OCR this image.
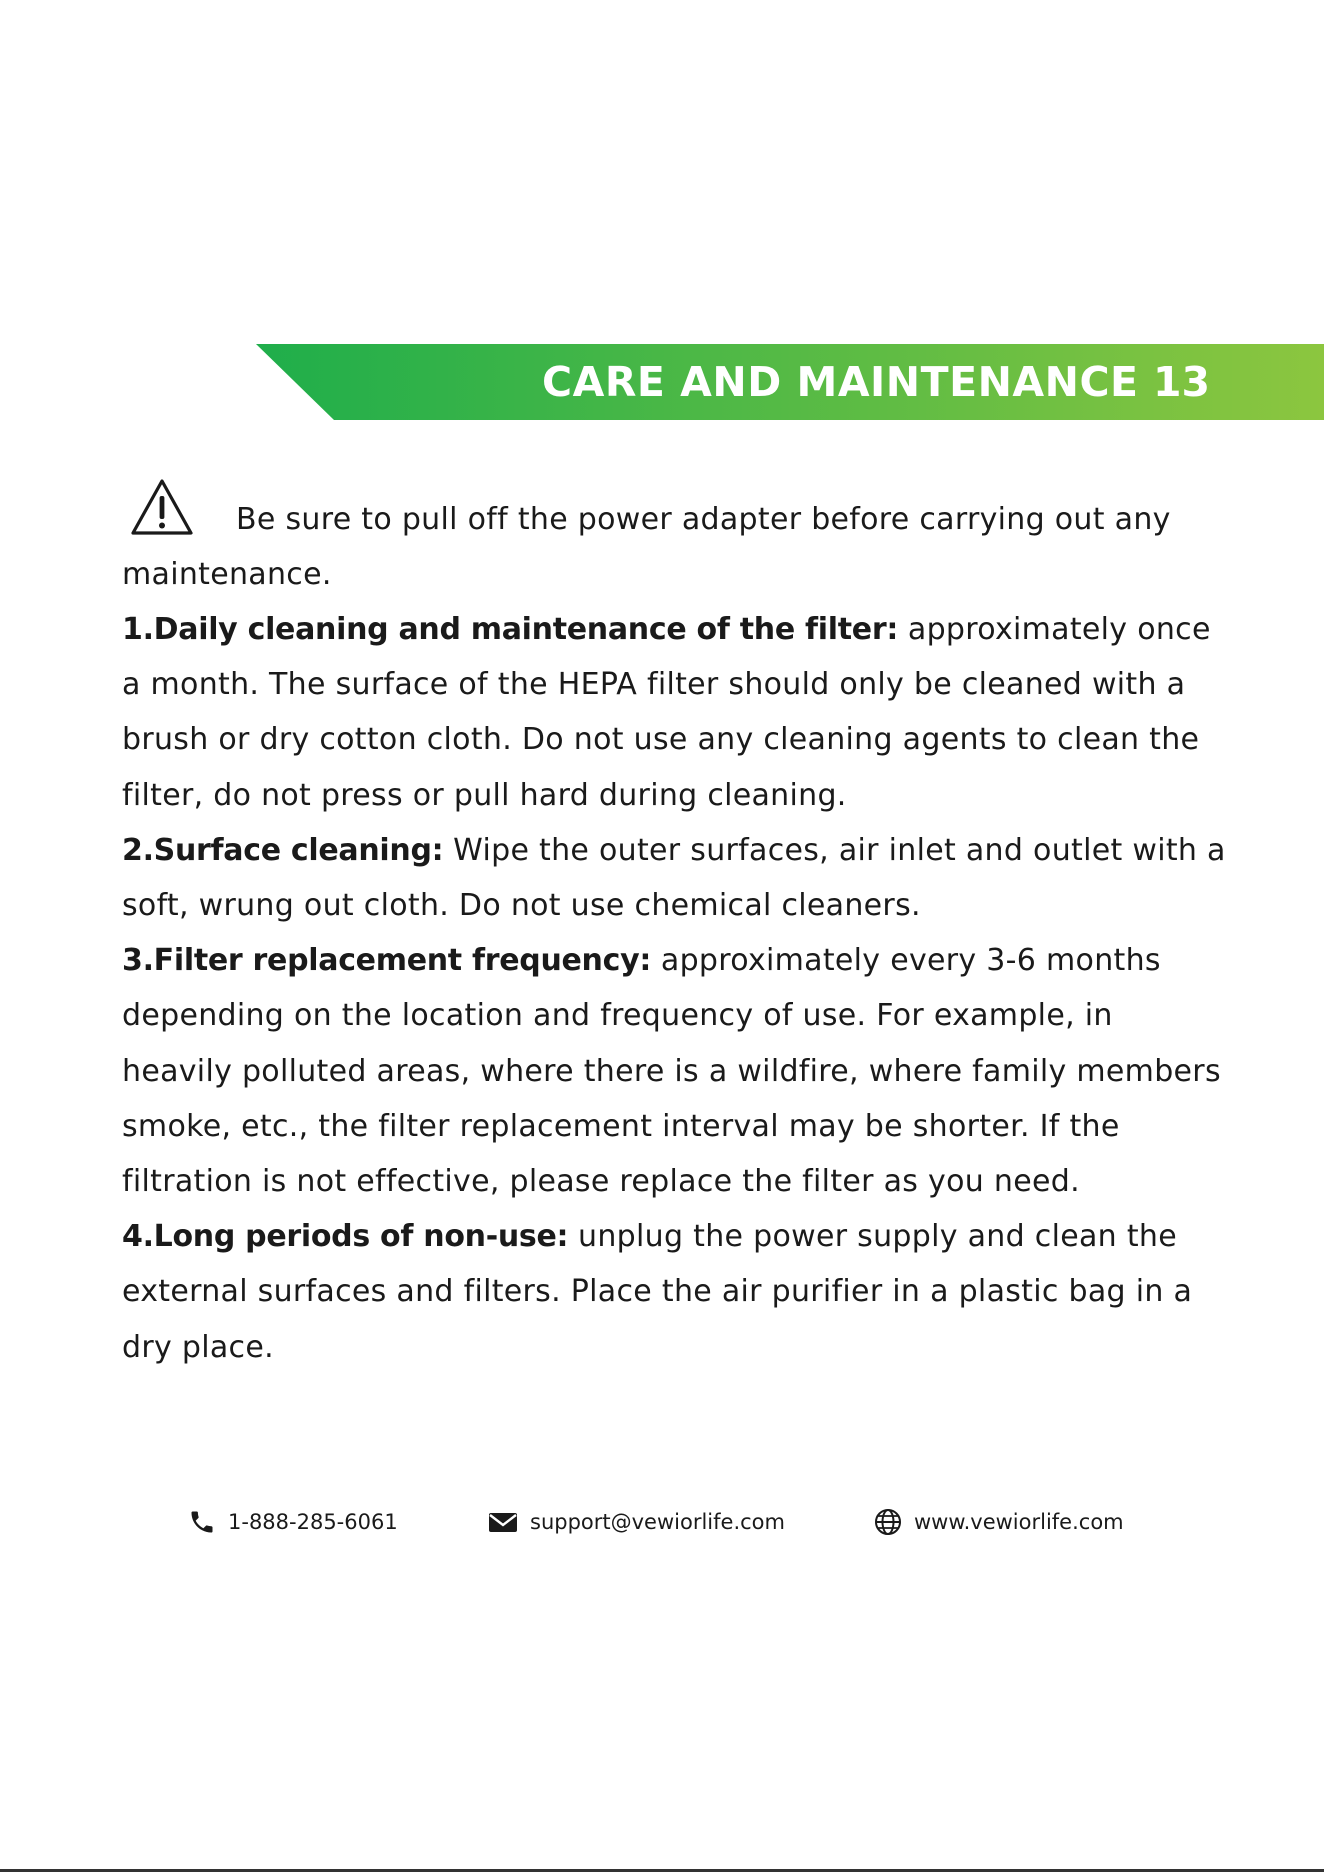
CARE AND MAINTENANCE 13

Be sure to pull off the power adapter before carrying out any maintenance.

1.Daily cleaning and maintenance of the filter: approximately once a month. The surface of the HEPA filter should only be cleaned with a brush or dry cotton cloth. Do not use any cleaning agents to clean the filter, do not press or pull hard during cleaning.

2.Surface cleaning: Wipe the outer surfaces, air inlet and outlet with a soft, wrung out cloth. Do not use chemical cleaners.

3.Filter replacement frequency: approximately every 3-6 months depending on the location and frequency of use. For example, in heavily polluted areas, where there is a wildfire, where family members smoke, etc., the filter replacement interval may be shorter. If the filtration is not effective, please replace the filter as you need.

4.Long periods of non-use: unplug the power supply and clean the external surfaces and filters. Place the air purifier in a plastic bag in a dry place.

1-888-285-6061	support@vewiorlife.com	www.vewiorlife.com
